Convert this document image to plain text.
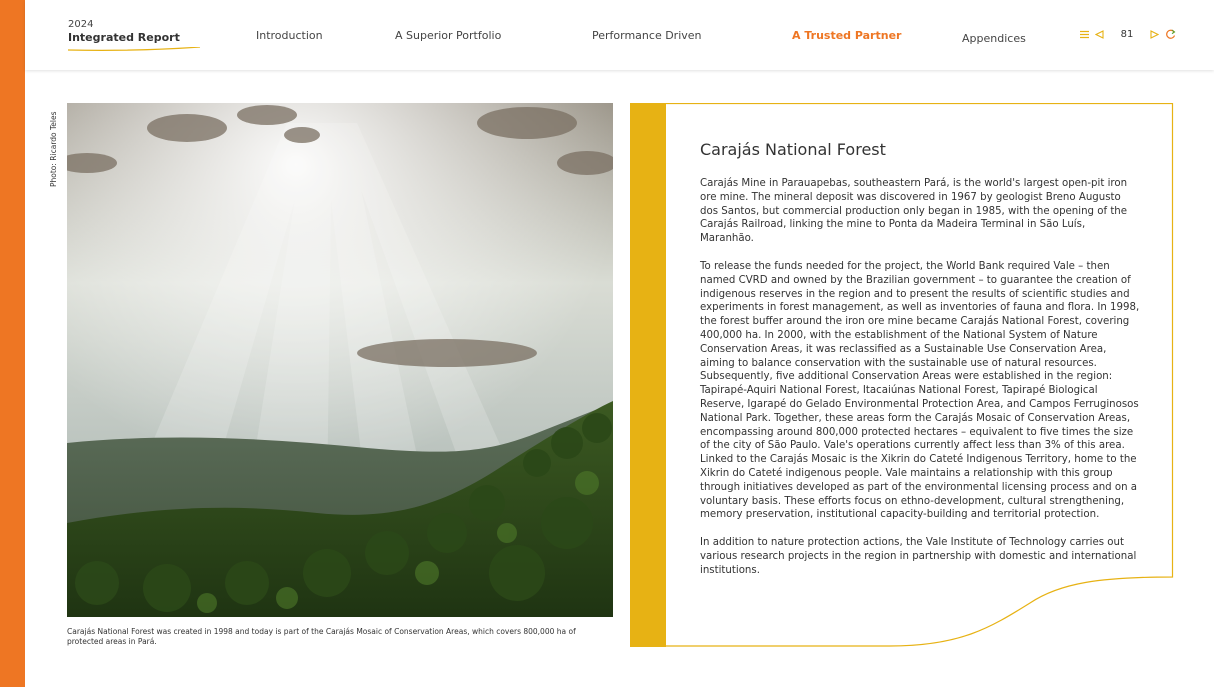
2024
Integrated Report	Introduction	A Superior Portfolio	Performance Driven	A Trusted Partner	Appendices	81
Photo: Ricardo Teles
Carajás National Forest was created in 1998 and today is part of the Carajás Mosaic of Conservation Areas, which covers 800,000 ha of protected areas in Pará.
Carajás National Forest

Carajás Mine in Parauapebas, southeastern Pará, is the world's largest open-pit iron ore mine. The mineral deposit was discovered in 1967 by geologist Breno Augusto dos Santos, but commercial production only began in 1985, with the opening of the Carajás Railroad, linking the mine to Ponta da Madeira Terminal in São Luís, Maranhão.

To release the funds needed for the project, the World Bank required Vale – then named CVRD and owned by the Brazilian government – to guarantee the creation of indigenous reserves in the region and to present the results of scientific studies and experiments in forest management, as well as inventories of fauna and flora. In 1998, the forest buffer around the iron ore mine became Carajás National Forest, covering 400,000 ha. In 2000, with the establishment of the National System of Nature Conservation Areas, it was reclassified as a Sustainable Use Conservation Area, aiming to balance conservation with the sustainable use of natural resources. Subsequently, five additional Conservation Areas were established in the region: Tapirapé-Aquiri National Forest, Itacaiúnas National Forest, Tapirapé Biological Reserve, Igarapé do Gelado Environmental Protection Area, and Campos Ferruginosos National Park. Together, these areas form the Carajás Mosaic of Conservation Areas, encompassing around 800,000 protected hectares – equivalent to five times the size of the city of São Paulo. Vale's operations currently affect less than 3% of this area. Linked to the Carajás Mosaic is the Xikrin do Cateté Indigenous Territory, home to the Xikrin do Cateté indigenous people. Vale maintains a relationship with this group through initiatives developed as part of the environmental licensing process and on a voluntary basis. These efforts focus on ethno-development, cultural strengthening, memory preservation, institutional capacity-building and territorial protection.

In addition to nature protection actions, the Vale Institute of Technology carries out various research projects in the region in partnership with domestic and international institutions.
